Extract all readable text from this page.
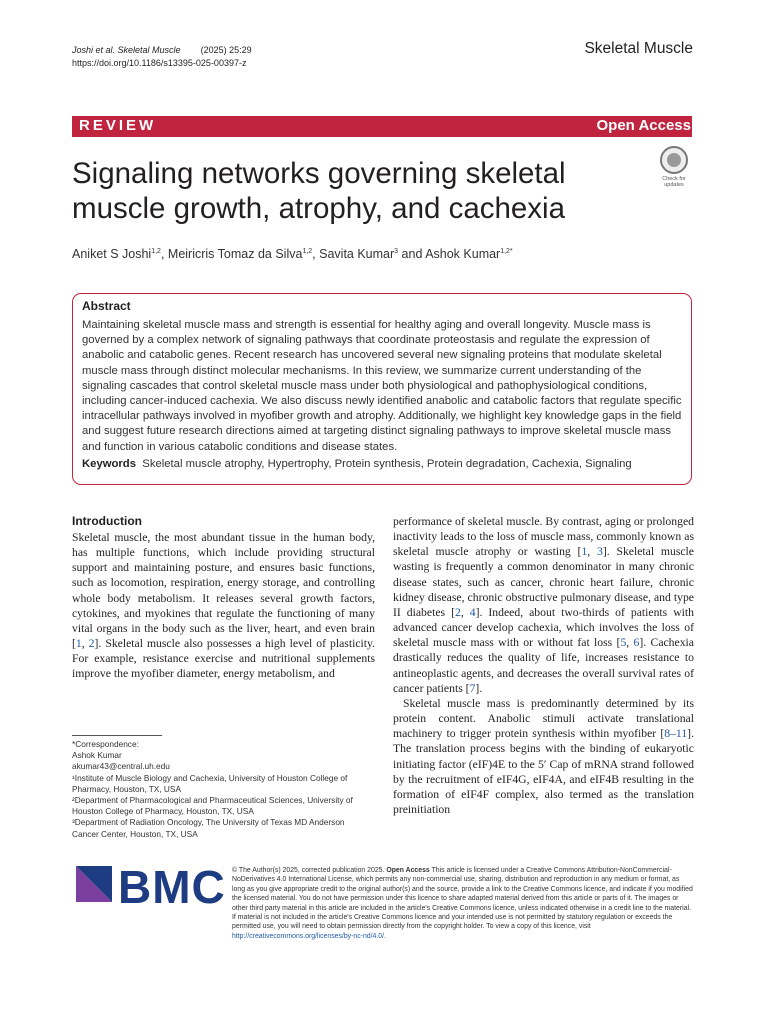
Joshi et al. Skeletal Muscle (2025) 25:29
https://doi.org/10.1186/s13395-025-00397-z
Skeletal Muscle
REVIEW	Open Access
Signaling networks governing skeletal muscle growth, atrophy, and cachexia
Check for updates
Aniket S Joshi$^{1,2}$, Meiricris Tomaz da Silva$^{1,2}$, Savita Kumar$^3$ and Ashok Kumar$^{1,2*}$
Abstract
Maintaining skeletal muscle mass and strength is essential for healthy aging and overall longevity. Muscle mass is governed by a complex network of signaling pathways that coordinate proteostasis and regulate the expression of anabolic and catabolic genes. Recent research has uncovered several new signaling proteins that modulate skeletal muscle mass through distinct molecular mechanisms. In this review, we summarize current understanding of the signaling cascades that control skeletal muscle mass under both physiological and pathophysiological conditions, including cancer-induced cachexia. We also discuss newly identified anabolic and catabolic factors that regulate specific intracellular pathways involved in myofiber growth and atrophy. Additionally, we highlight key knowledge gaps in the field and suggest future research directions aimed at targeting distinct signaling pathways to improve skeletal muscle mass and function in various catabolic conditions and disease states.
Keywords Skeletal muscle atrophy, Hypertrophy, Protein synthesis, Protein degradation, Cachexia, Signaling
Introduction
Skeletal muscle, the most abundant tissue in the human body, has multiple functions, which include providing structural support and maintaining posture, and ensures basic functions, such as locomotion, respiration, energy storage, and controlling whole body metabolism. It releases several growth factors, cytokines, and myokines that regulate the functioning of many vital organs in the body such as the liver, heart, and even brain [1, 2]. Skeletal muscle also possesses a high level of plasticity. For example, resistance exercise and nutritional supplements improve the myofiber diameter, energy metabolism, and
performance of skeletal muscle. By contrast, aging or prolonged inactivity leads to the loss of muscle mass, commonly known as skeletal muscle atrophy or wasting [1, 3]. Skeletal muscle wasting is frequently a common denominator in many chronic disease states, such as cancer, chronic heart failure, chronic kidney disease, chronic obstructive pulmonary disease, and type II diabetes [2, 4]. Indeed, about two-thirds of patients with advanced cancer develop cachexia, which involves the loss of skeletal muscle mass with or without fat loss [5, 6]. Cachexia drastically reduces the quality of life, increases resistance to antineoplastic agents, and decreases the overall survival rates of cancer patients [7].
Skeletal muscle mass is predominantly determined by its protein content. Anabolic stimuli activate translational machinery to trigger protein synthesis within myofiber [8–11]. The translation process begins with the binding of eukaryotic initiating factor (eIF)4E to the 5′ Cap of mRNA strand followed by the recruitment of eIF4G, eIF4A, and eIF4B resulting in the formation of eIF4F complex, also termed as the translation preinitiation
*Correspondence:
Ashok Kumar
akumar43@central.uh.edu
¹Institute of Muscle Biology and Cachexia, University of Houston College of Pharmacy, Houston, TX, USA
²Department of Pharmacological and Pharmaceutical Sciences, University of Houston College of Pharmacy, Houston, TX, USA
³Department of Radiation Oncology, The University of Texas MD Anderson Cancer Center, Houston, TX, USA
BMC © The Author(s) 2025, corrected publication 2025. Open Access This article is licensed under a Creative Commons Attribution-NonCommercial-NoDerivatives 4.0 International License, which permits any non-commercial use, sharing, distribution and reproduction in any medium or format, as long as you give appropriate credit to the original author(s) and the source, provide a link to the Creative Commons licence, and indicate if you modified the licensed material. You do not have permission under this licence to share adapted material derived from this article or parts of it. The images or other third party material in this article are included in the article's Creative Commons licence, unless indicated otherwise in a credit line to the material. If material is not included in the article's Creative Commons licence and your intended use is not permitted by statutory regulation or exceeds the permitted use, you will need to obtain permission directly from the copyright holder. To view a copy of this licence, visit http://creativecommons.org/licenses/by-nc-nd/4.0/.
